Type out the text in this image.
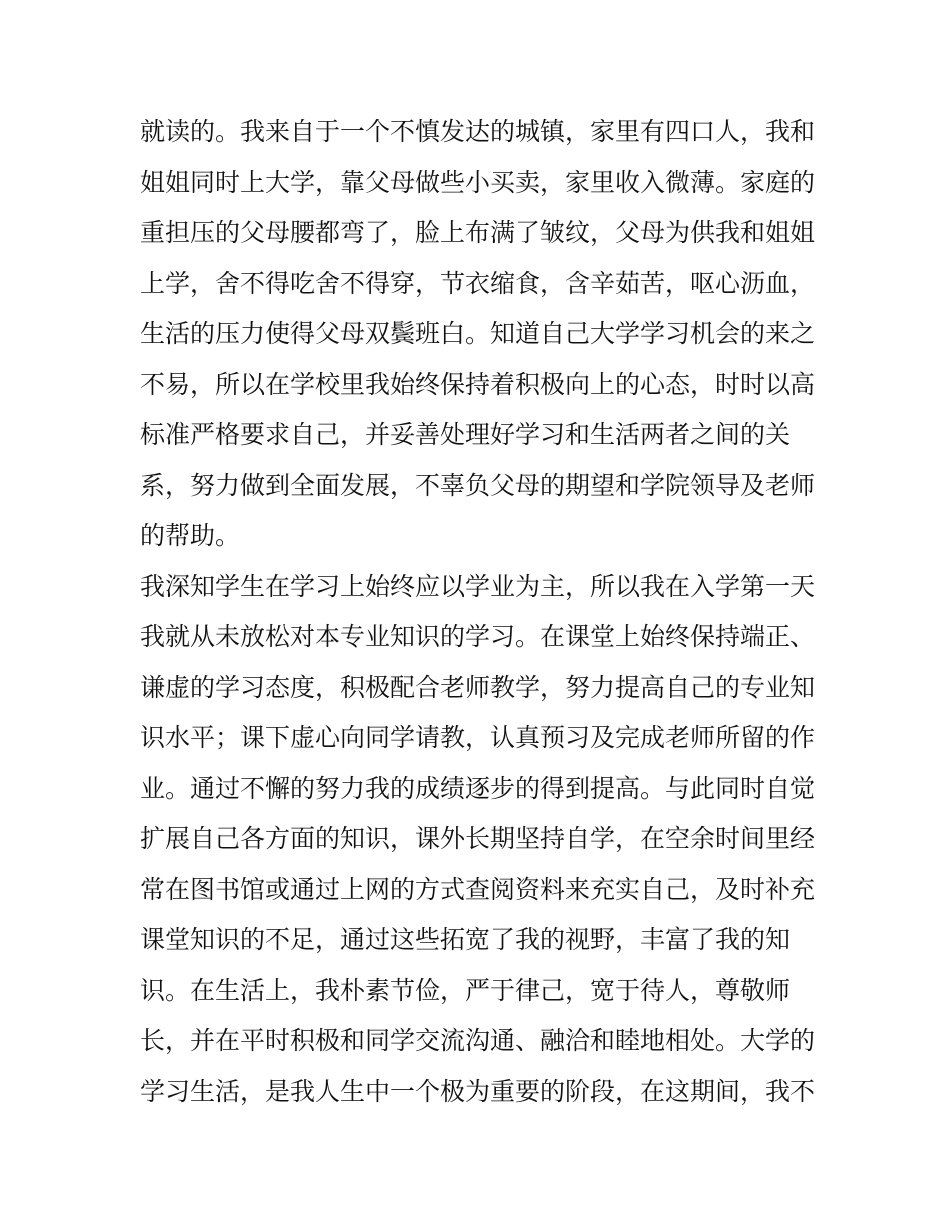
就读的。我来自于一个不慎发达的城镇，家里有四口人，我和
姐姐同时上大学，靠父母做些小买卖，家里收入微薄。家庭的
重担压的父母腰都弯了，脸上布满了皱纹，父母为供我和姐姐
上学，舍不得吃舍不得穿，节衣缩食，含辛茹苦，呕心沥血，
生活的压力使得父母双鬓班白。知道自己大学学习机会的来之
不易，所以在学校里我始终保持着积极向上的心态，时时以高
标准严格要求自己，并妥善处理好学习和生活两者之间的关
系，努力做到全面发展，不辜负父母的期望和学院领导及老师
的帮助。
我深知学生在学习上始终应以学业为主，所以我在入学第一天
我就从未放松对本专业知识的学习。在课堂上始终保持端正、
谦虚的学习态度，积极配合老师教学，努力提高自己的专业知
识水平；课下虚心向同学请教，认真预习及完成老师所留的作
业。通过不懈的努力我的成绩逐步的得到提高。与此同时自觉
扩展自己各方面的知识，课外长期坚持自学，在空余时间里经
常在图书馆或通过上网的方式查阅资料来充实自己，及时补充
课堂知识的不足，通过这些拓宽了我的视野，丰富了我的知
识。在生活上，我朴素节俭，严于律己，宽于待人，尊敬师
长，并在平时积极和同学交流沟通、融洽和睦地相处。大学的
学习生活，是我人生中一个极为重要的阶段，在这期间，我不
